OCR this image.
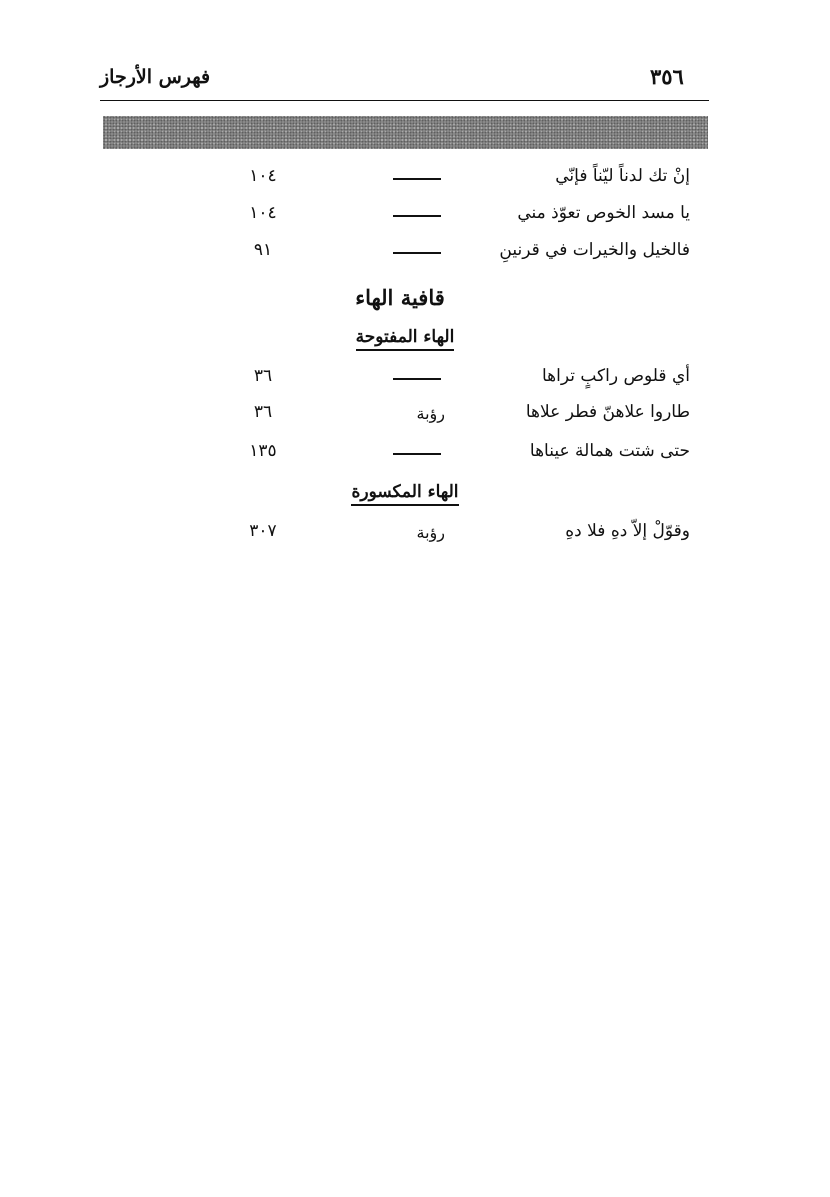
٣٥٦
فهرس الأرجاز
إنْ تك لدناً ليّناً فإنّي
١٠٤
يا مسد الخوص تعوّذ مني
١٠٤
فالخيل والخيرات في قرنينِ
٩١
قافية الهاء
الهاء المفتوحة
أي قلوص راكبٍ تراها
٣٦
طاروا علاهنّ فطر علاها
رؤبة
٣٦
حتى شتت همالة عيناها
١٣٥
الهاء المكسورة
وقوّلْ إلاّ دهِ فلا دهِ
رؤبة
٣٠٧
